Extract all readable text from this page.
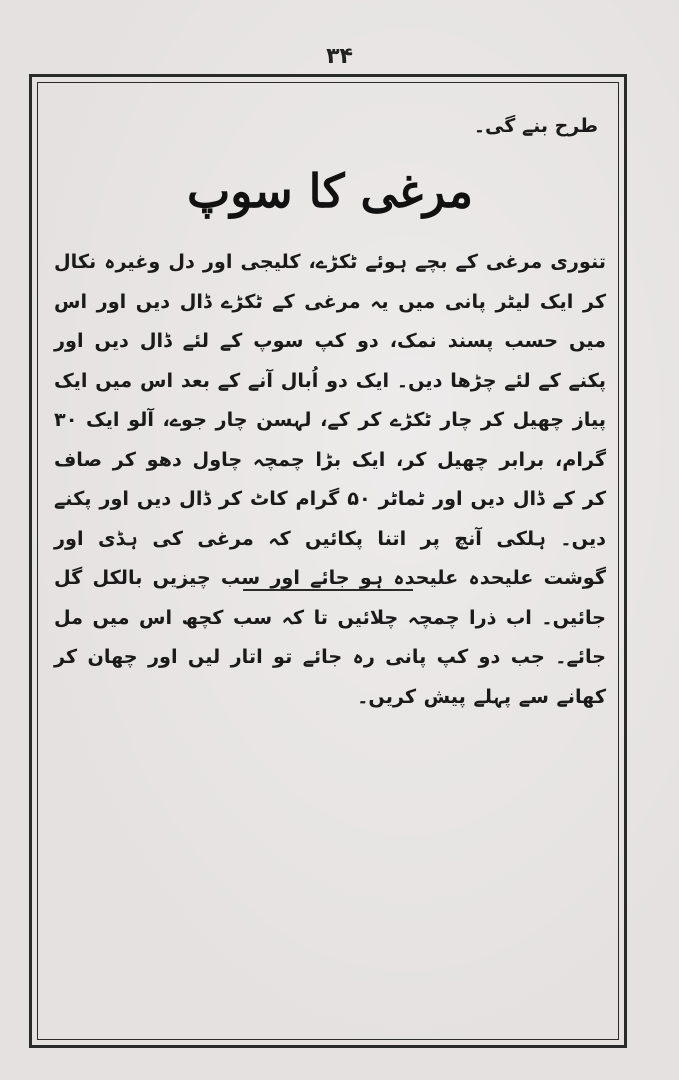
۳۴
طرح بنے گی۔
مرغی کا سوپ

تنوری مرغی کے بچے ہوئے ٹکڑے، کلیجی اور دل وغیرہ نکال کر ایک لیٹر پانی میں یہ مرغی کے ٹکڑے ڈال دیں اور اس میں حسب پسند نمک، دو کپ سوپ کے لئے ڈال دیں اور پکنے کے لئے چڑھا دیں۔ ایک دو اُبال آنے کے بعد اس میں ایک پیاز چھیل کر چار ٹکڑے کر کے، لہسن چار جوے، آلو ایک ۳۰ گرام، برابر چھیل کر، ایک بڑا چمچہ چاول دھو کر صاف کر کے ڈال دیں اور ٹماٹر ۵۰ گرام کاٹ کر ڈال دیں اور پکنے دیں۔ ہلکی آنچ پر اتنا پکائیں کہ مرغی کی ہڈی اور گوشت علیحدہ علیحدہ ہو جائے اور سب چیزیں بالکل گل جائیں۔ اب ذرا چمچہ چلائیں تا کہ سب کچھ اس میں مل جائے۔ جب دو کپ پانی رہ جائے تو اتار لیں اور چھان کر کھانے سے پہلے پیش کریں۔
